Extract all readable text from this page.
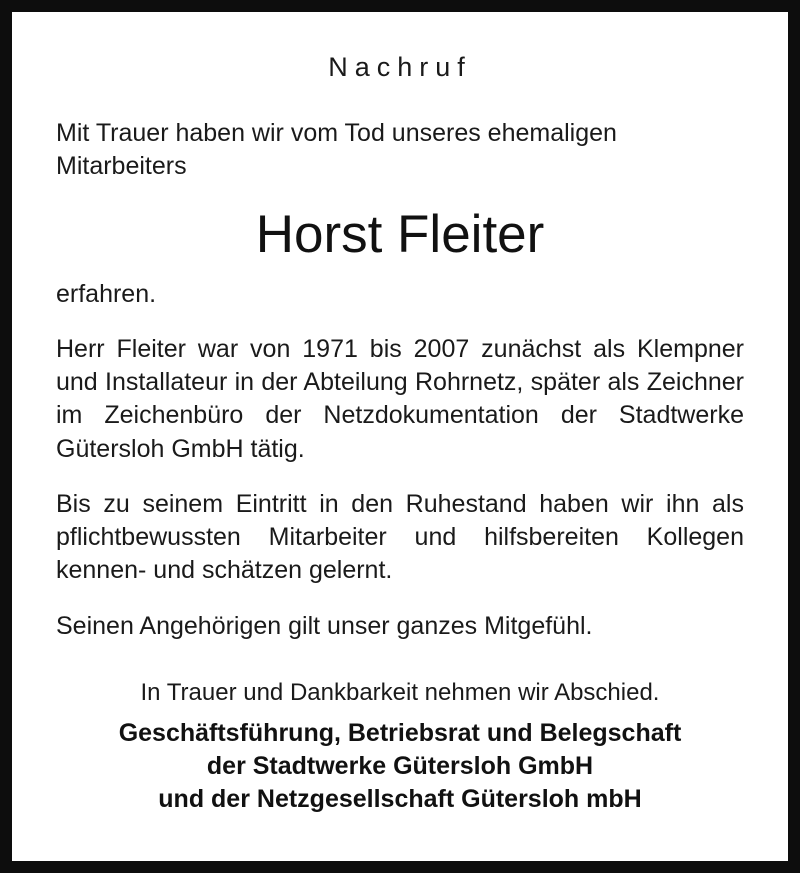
Nachruf

Mit Trauer haben wir vom Tod unseres ehemaligen Mitarbeiters

Horst Fleiter

erfahren.

Herr Fleiter war von 1971 bis 2007 zunächst als Klempner und Installateur in der Abteilung Rohrnetz, später als Zeichner im Zeichenbüro der Netzdokumentation der Stadtwerke Gütersloh GmbH tätig.

Bis zu seinem Eintritt in den Ruhestand haben wir ihn als pflichtbewussten Mitarbeiter und hilfsbereiten Kollegen kennen- und schätzen gelernt.

Seinen Angehörigen gilt unser ganzes Mitgefühl.

In Trauer und Dankbarkeit nehmen wir Abschied.
Geschäftsführung, Betriebsrat und Belegschaft
der Stadtwerke Gütersloh GmbH
und der Netzgesellschaft Gütersloh mbH
